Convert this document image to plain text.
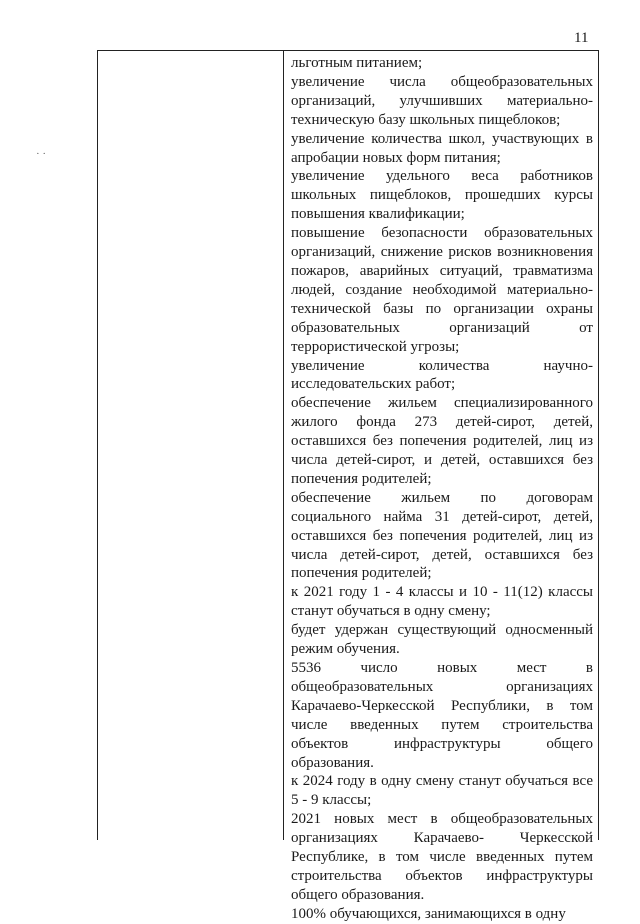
11
· ·

льготным питанием;

увеличение числа общеобразовательных организаций, улучшивших материально-техническую базу школьных пищеблоков;

увеличение количества школ, участвующих в апробации новых форм питания;

увеличение удельного веса работников школьных пищеблоков, прошедших курсы повышения квалификации;

повышение безопасности образовательных организаций, снижение рисков возникновения пожаров, аварийных ситуаций, травматизма людей, создание необходимой материально-технической базы по организации охраны образовательных организаций от террористической угрозы;

увеличение количества научно-исследовательских работ;

обеспечение жильем специализированного жилого фонда 273 детей-сирот, детей, оставшихся без попечения родителей, лиц из числа детей-сирот, и детей, оставшихся без попечения родителей;

обеспечение жильем по договорам социального найма 31 детей-сирот, детей, оставшихся без попечения родителей, лиц из числа детей-сирот, детей, оставшихся без попечения родителей;

к 2021 году 1 - 4 классы и 10 - 11(12) классы станут обучаться в одну смену;

будет удержан существующий односменный режим обучения.

5536 число новых мест в общеобразовательных организациях Карачаево-Черкесской Республики, в том числе введенных путем строительства объектов инфраструктуры общего образования.

к 2024 году в одну смену станут обучаться все 5 - 9 классы;

2021 новых мест в общеобразовательных организациях Карачаево- Черкесской Республике, в том числе введенных путем строительства объектов инфраструктуры общего образования.

100% обучающихся, занимающихся в одну
